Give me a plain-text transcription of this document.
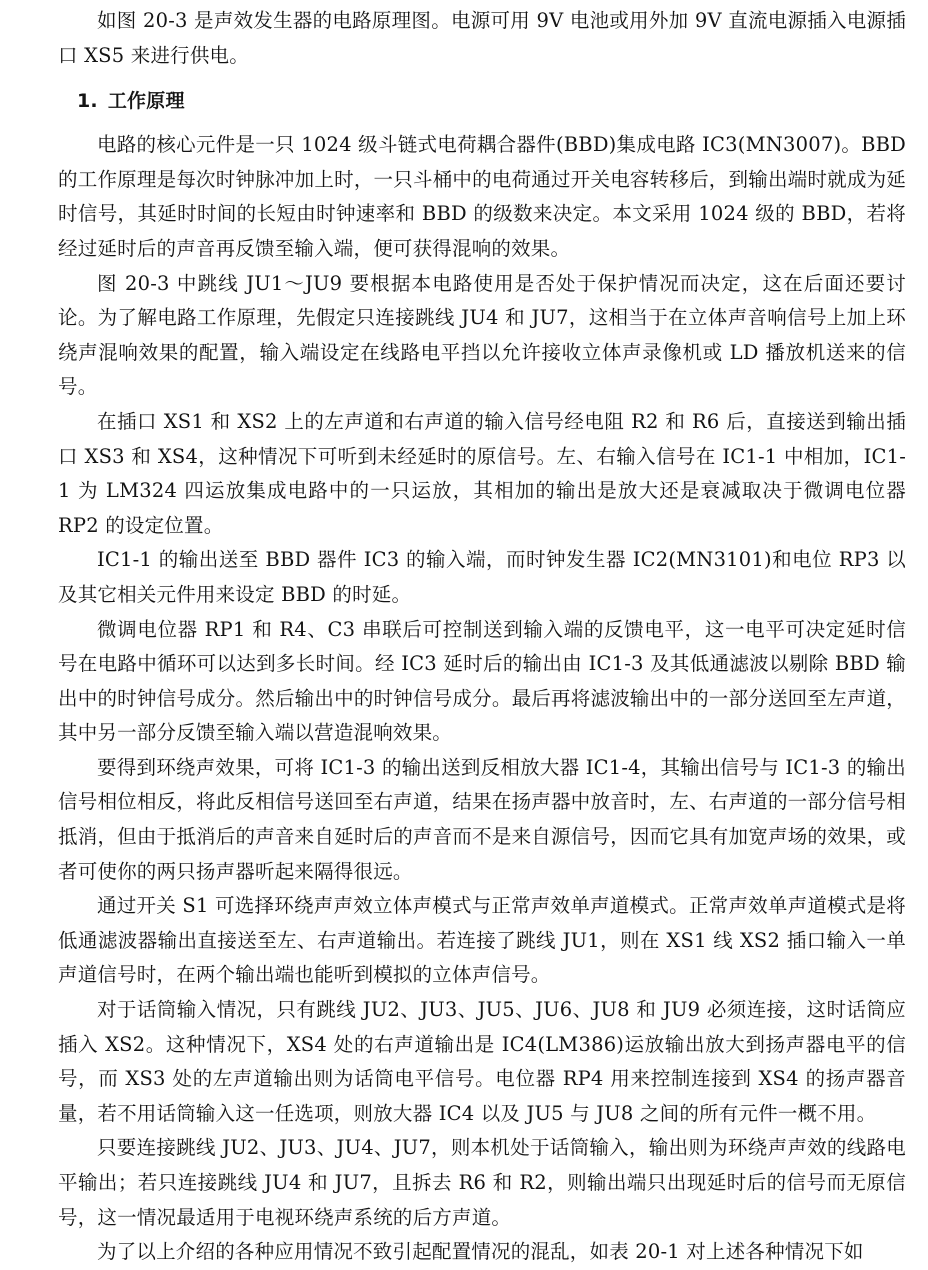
如图 20-3 是声效发生器的电路原理图。电源可用 9V 电池或用外加 9V 直流电源插入电源插口 XS5 来进行供电。

1. 工作原理

电路的核心元件是一只 1024 级斗链式电荷耦合器件(BBD)集成电路 IC3(MN3007)。BBD 的工作原理是每次时钟脉冲加上时，一只斗桶中的电荷通过开关电容转移后，到输出端时就成为延时信号，其延时时间的长短由时钟速率和 BBD 的级数来决定。本文采用 1024 级的 BBD，若将经过延时后的声音再反馈至输入端，便可获得混响的效果。

图 20-3 中跳线 JU1～JU9 要根据本电路使用是否处于保护情况而决定，这在后面还要讨论。为了解电路工作原理，先假定只连接跳线 JU4 和 JU7，这相当于在立体声音响信号上加上环绕声混响效果的配置，输入端设定在线路电平挡以允许接收立体声录像机或 LD 播放机送来的信号。

在插口 XS1 和 XS2 上的左声道和右声道的输入信号经电阻 R2 和 R6 后，直接送到输出插口 XS3 和 XS4，这种情况下可听到未经延时的原信号。左、右输入信号在 IC1-1 中相加，IC1-1 为 LM324 四运放集成电路中的一只运放，其相加的输出是放大还是衰减取决于微调电位器 RP2 的设定位置。

IC1-1 的输出送至 BBD 器件 IC3 的输入端，而时钟发生器 IC2(MN3101)和电位 RP3 以及其它相关元件用来设定 BBD 的时延。

微调电位器 RP1 和 R4、C3 串联后可控制送到输入端的反馈电平，这一电平可决定延时信号在电路中循环可以达到多长时间。经 IC3 延时后的输出由 IC1-3 及其低通滤波以剔除 BBD 输出中的时钟信号成分。然后输出中的时钟信号成分。最后再将滤波输出中的一部分送回至左声道，其中另一部分反馈至输入端以营造混响效果。

要得到环绕声效果，可将 IC1-3 的输出送到反相放大器 IC1-4，其输出信号与 IC1-3 的输出信号相位相反，将此反相信号送回至右声道，结果在扬声器中放音时，左、右声道的一部分信号相抵消，但由于抵消后的声音来自延时后的声音而不是来自源信号，因而它具有加宽声场的效果，或者可使你的两只扬声器听起来隔得很远。

通过开关 S1 可选择环绕声声效立体声模式与正常声效单声道模式。正常声效单声道模式是将低通滤波器输出直接送至左、右声道输出。若连接了跳线 JU1，则在 XS1 线 XS2 插口输入一单声道信号时，在两个输出端也能听到模拟的立体声信号。

对于话筒输入情况，只有跳线 JU2、JU3、JU5、JU6、JU8 和 JU9 必须连接，这时话筒应插入 XS2。这种情况下，XS4 处的右声道输出是 IC4(LM386)运放输出放大到扬声器电平的信号，而 XS3 处的左声道输出则为话筒电平信号。电位器 RP4 用来控制连接到 XS4 的扬声器音量，若不用话筒输入这一任选项，则放大器 IC4 以及 JU5 与 JU8 之间的所有元件一概不用。

只要连接跳线 JU2、JU3、JU4、JU7，则本机处于话筒输入，输出则为环绕声声效的线路电平输出；若只连接跳线 JU4 和 JU7，且拆去 R6 和 R2，则输出端只出现延时后的信号而无原信号，这一情况最适用于电视环绕声系统的后方声道。

为了以上介绍的各种应用情况不致引起配置情况的混乱，如表 20-1 对上述各种情况下如
